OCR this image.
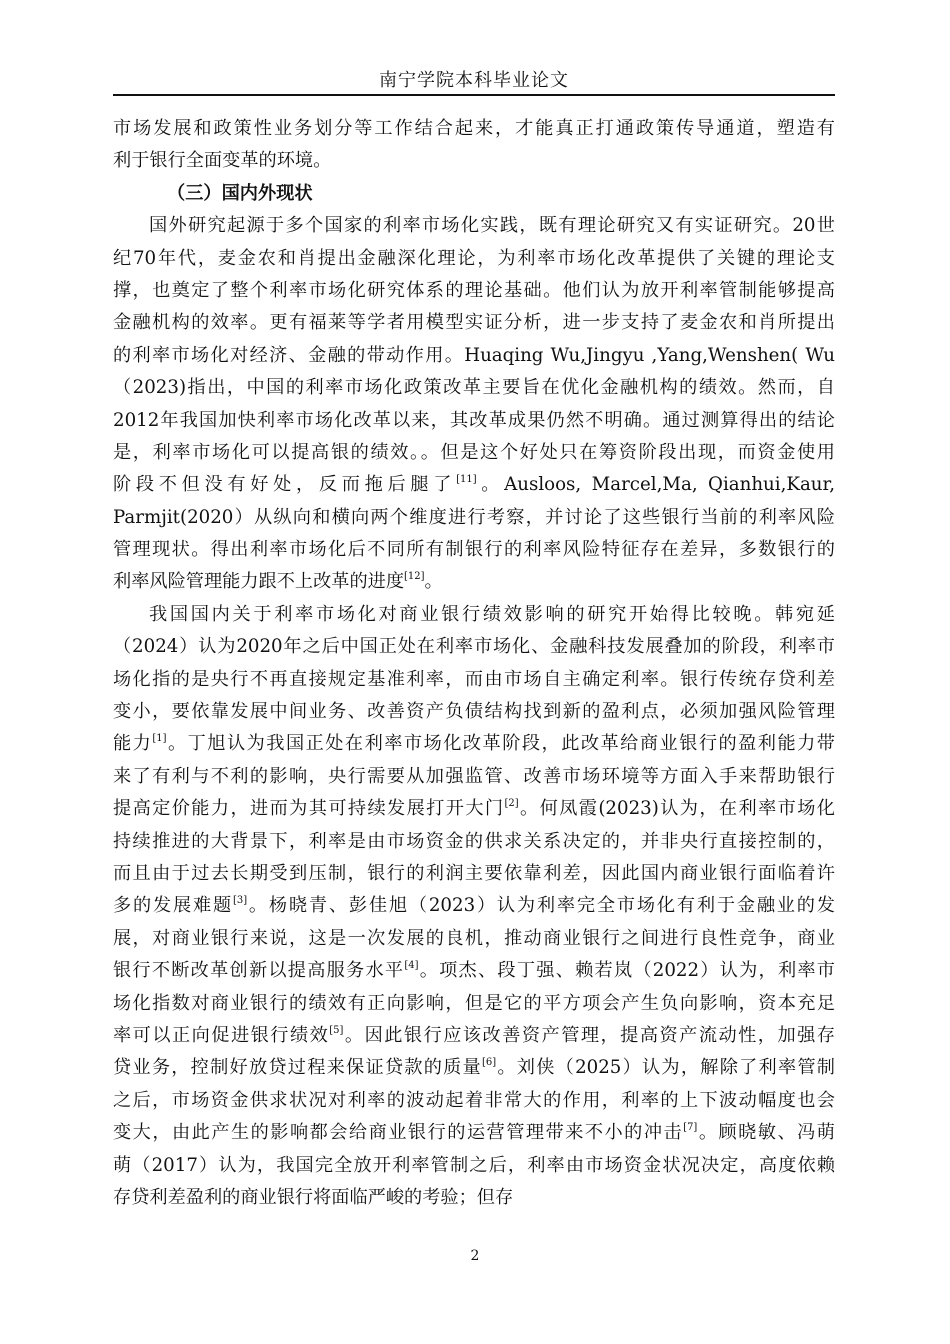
南宁学院本科毕业论文
市场发展和政策性业务划分等工作结合起来，才能真正打通政策传导通道，塑造有
利于银行全面变革的环境。
（三）国内外现状
国外研究起源于多个国家的利率市场化实践，既有理论研究又有实证研究。20世
纪70年代，麦金农和肖提出金融深化理论，为利率市场化改革提供了关键的理论支
撑，也奠定了整个利率市场化研究体系的理论基础。他们认为放开利率管制能够提高
金融机构的效率。更有福莱等学者用模型实证分析，进一步支持了麦金农和肖所提出
的利率市场化对经济、金融的带动作用。Huaqing Wu,Jingyu ,Yang,Wenshen( Wu
（2023)指出，中国的利率市场化政策改革主要旨在优化金融机构的绩效。然而，自
2012年我国加快利率市场化改革以来，其改革成果仍然不明确。通过测算得出的结论
是，利率市场化可以提高银的绩效。。但是这个好处只在筹资阶段出现，而资金使用
阶段不但没有好处，反而拖后腿了[11]。Ausloos, Marcel,Ma, Qianhui,Kaur,
Parmjit(2020）从纵向和横向两个维度进行考察，并讨论了这些银行当前的利率风险
管理现状。得出利率市场化后不同所有制银行的利率风险特征存在差异，多数银行的
利率风险管理能力跟不上改革的进度[12]。
我国国内关于利率市场化对商业银行绩效影响的研究开始得比较晚。韩宛延
（2024）认为2020年之后中国正处在利率市场化、金融科技发展叠加的阶段，利率市
场化指的是央行不再直接规定基准利率，而由市场自主确定利率。银行传统存贷利差
变小，要依靠发展中间业务、改善资产负债结构找到新的盈利点，必须加强风险管理
能力[1]。丁旭认为我国正处在利率市场化改革阶段，此改革给商业银行的盈利能力带
来了有利与不利的影响，央行需要从加强监管、改善市场环境等方面入手来帮助银行
提高定价能力，进而为其可持续发展打开大门[2]。何凤霞(2023)认为，在利率市场化
持续推进的大背景下，利率是由市场资金的供求关系决定的，并非央行直接控制的，
而且由于过去长期受到压制，银行的利润主要依靠利差，因此国内商业银行面临着许
多的发展难题[3]。杨晓青、彭佳旭（2023）认为利率完全市场化有利于金融业的发
展，对商业银行来说，这是一次发展的良机，推动商业银行之间进行良性竞争，商业
银行不断改革创新以提高服务水平[4]。项杰、段丁强、赖若岚（2022）认为，利率市
场化指数对商业银行的绩效有正向影响，但是它的平方项会产生负向影响，资本充足
率可以正向促进银行绩效[5]。因此银行应该改善资产管理，提高资产流动性，加强存
贷业务，控制好放贷过程来保证贷款的质量[6]。刘侠（2025）认为，解除了利率管制
之后，市场资金供求状况对利率的波动起着非常大的作用，利率的上下波动幅度也会
变大，由此产生的影响都会给商业银行的运营管理带来不小的冲击[7]。顾晓敏、冯萌
萌（2017）认为，我国完全放开利率管制之后，利率由市场资金状况决定，高度依赖
存贷利差盈利的商业银行将面临严峻的考验；但存
2
